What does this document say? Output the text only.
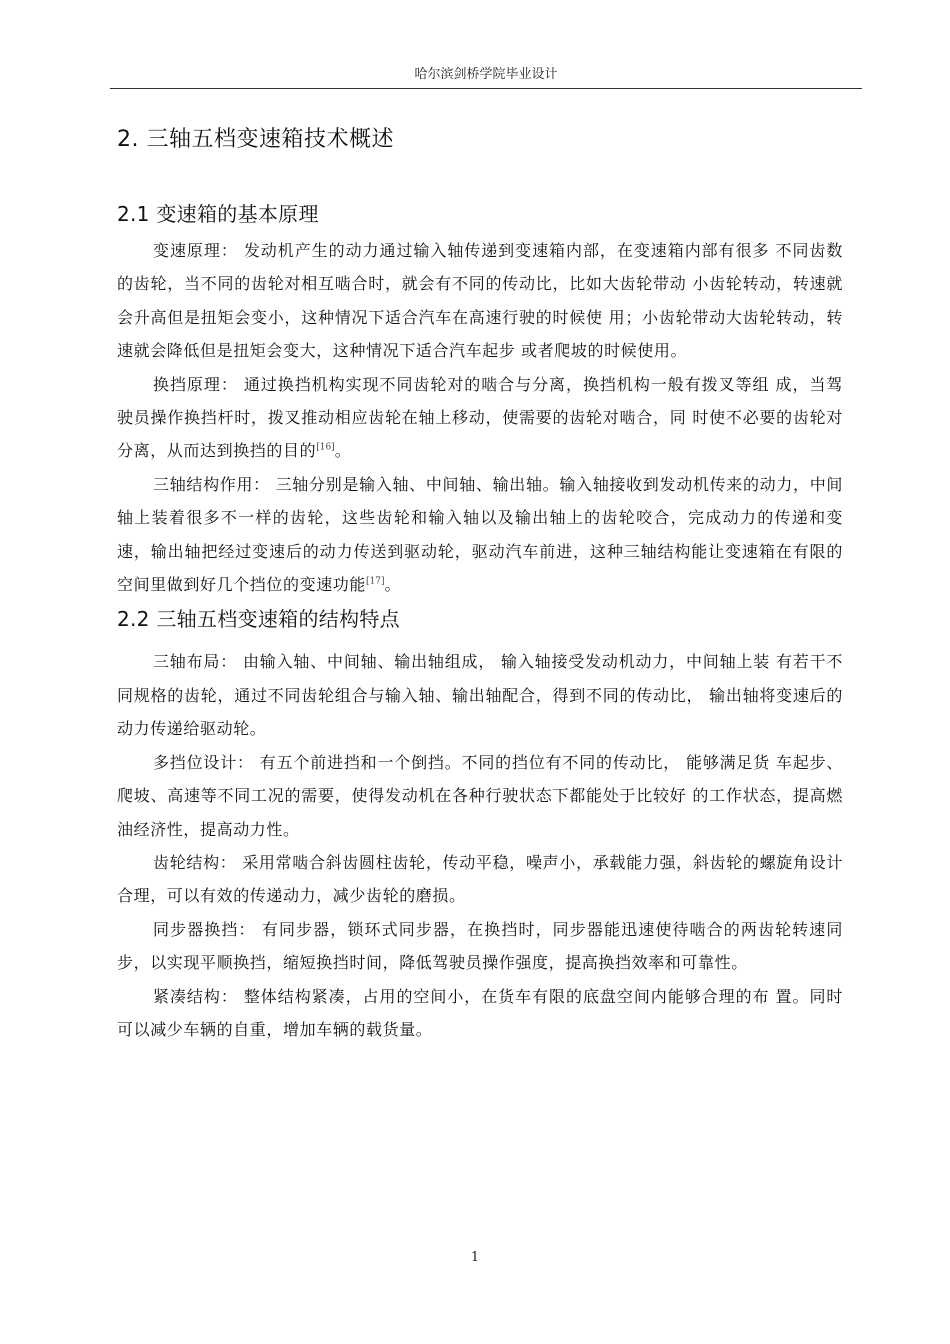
哈尔滨剑桥学院毕业设计
2. 三轴五档变速箱技术概述
2.1 变速箱的基本原理

变速原理： 发动机产生的动力通过输入轴传递到变速箱内部，在变速箱内部有很多 不同齿数的齿轮，当不同的齿轮对相互啮合时，就会有不同的传动比，比如大齿轮带动 小齿轮转动，转速就会升高但是扭矩会变小，这种情况下适合汽车在高速行驶的时候使 用；小齿轮带动大齿轮转动，转速就会降低但是扭矩会变大，这种情况下适合汽车起步 或者爬坡的时候使用。

换挡原理： 通过换挡机构实现不同齿轮对的啮合与分离，换挡机构一般有拨叉等组 成，当驾驶员操作换挡杆时，拨叉推动相应齿轮在轴上移动，使需要的齿轮对啮合，同 时使不必要的齿轮对分离，从而达到换挡的目的[16]。

三轴结构作用： 三轴分别是输入轴、中间轴、输出轴。输入轴接收到发动机传来的动力，中间轴上装着很多不一样的齿轮，这些齿轮和输入轴以及输出轴上的齿轮咬合，完成动力的传递和变速，输出轴把经过变速后的动力传送到驱动轮，驱动汽车前进，这种三轴结构能让变速箱在有限的空间里做到好几个挡位的变速功能[17]。

2.2 三轴五档变速箱的结构特点

三轴布局： 由输入轴、中间轴、输出轴组成， 输入轴接受发动机动力，中间轴上装 有若干不同规格的齿轮，通过不同齿轮组合与输入轴、输出轴配合，得到不同的传动比， 输出轴将变速后的动力传递给驱动轮。

多挡位设计： 有五个前进挡和一个倒挡。不同的挡位有不同的传动比， 能够满足货 车起步、爬坡、高速等不同工况的需要，使得发动机在各种行驶状态下都能处于比较好 的工作状态，提高燃油经济性，提高动力性。

齿轮结构： 采用常啮合斜齿圆柱齿轮，传动平稳，噪声小，承载能力强，斜齿轮的螺旋角设计合理，可以有效的传递动力，减少齿轮的磨损。

同步器换挡： 有同步器，锁环式同步器，在换挡时，同步器能迅速使待啮合的两齿轮转速同步，以实现平顺换挡，缩短换挡时间，降低驾驶员操作强度，提高换挡效率和可靠性。

紧凑结构： 整体结构紧凑，占用的空间小，在货车有限的底盘空间内能够合理的布 置。同时可以减少车辆的自重，增加车辆的载货量。

1
